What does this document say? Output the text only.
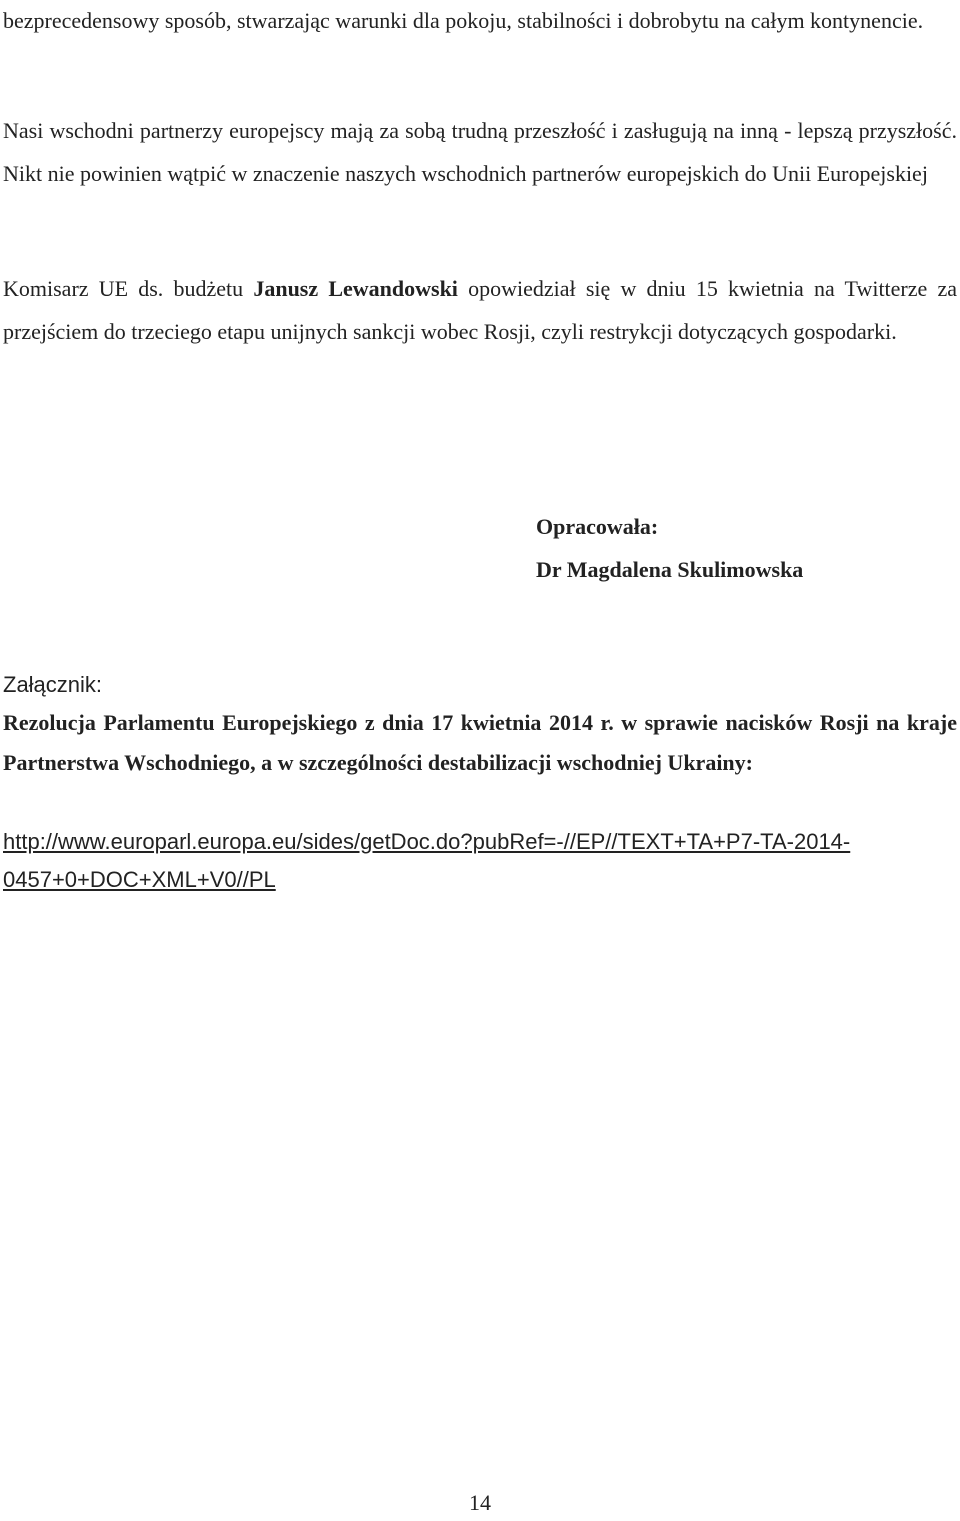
bezprecedensowy sposób, stwarzając warunki dla pokoju, stabilności i dobrobytu na całym kontynencie.

Nasi wschodni partnerzy europejscy mają za sobą trudną przeszłość i zasługują na inną - lepszą przyszłość. Nikt nie powinien wątpić w znaczenie naszych wschodnich partnerów europejskich do Unii Europejskiej

Komisarz UE ds. budżetu Janusz Lewandowski opowiedział się w dniu 15 kwietnia na Twitterze za przejściem do trzeciego etapu unijnych sankcji wobec Rosji, czyli restrykcji dotyczących gospodarki.

Opracowała:
Dr Magdalena Skulimowska

Załącznik:

Rezolucja Parlamentu Europejskiego z dnia 17 kwietnia 2014 r. w sprawie nacisków Rosji na kraje Partnerstwa Wschodniego, a w szczególności destabilizacji wschodniej Ukrainy:

http://www.europarl.europa.eu/sides/getDoc.do?pubRef=-//EP//TEXT+TA+P7-TA-2014-
0457+0+DOC+XML+V0//PL

14
